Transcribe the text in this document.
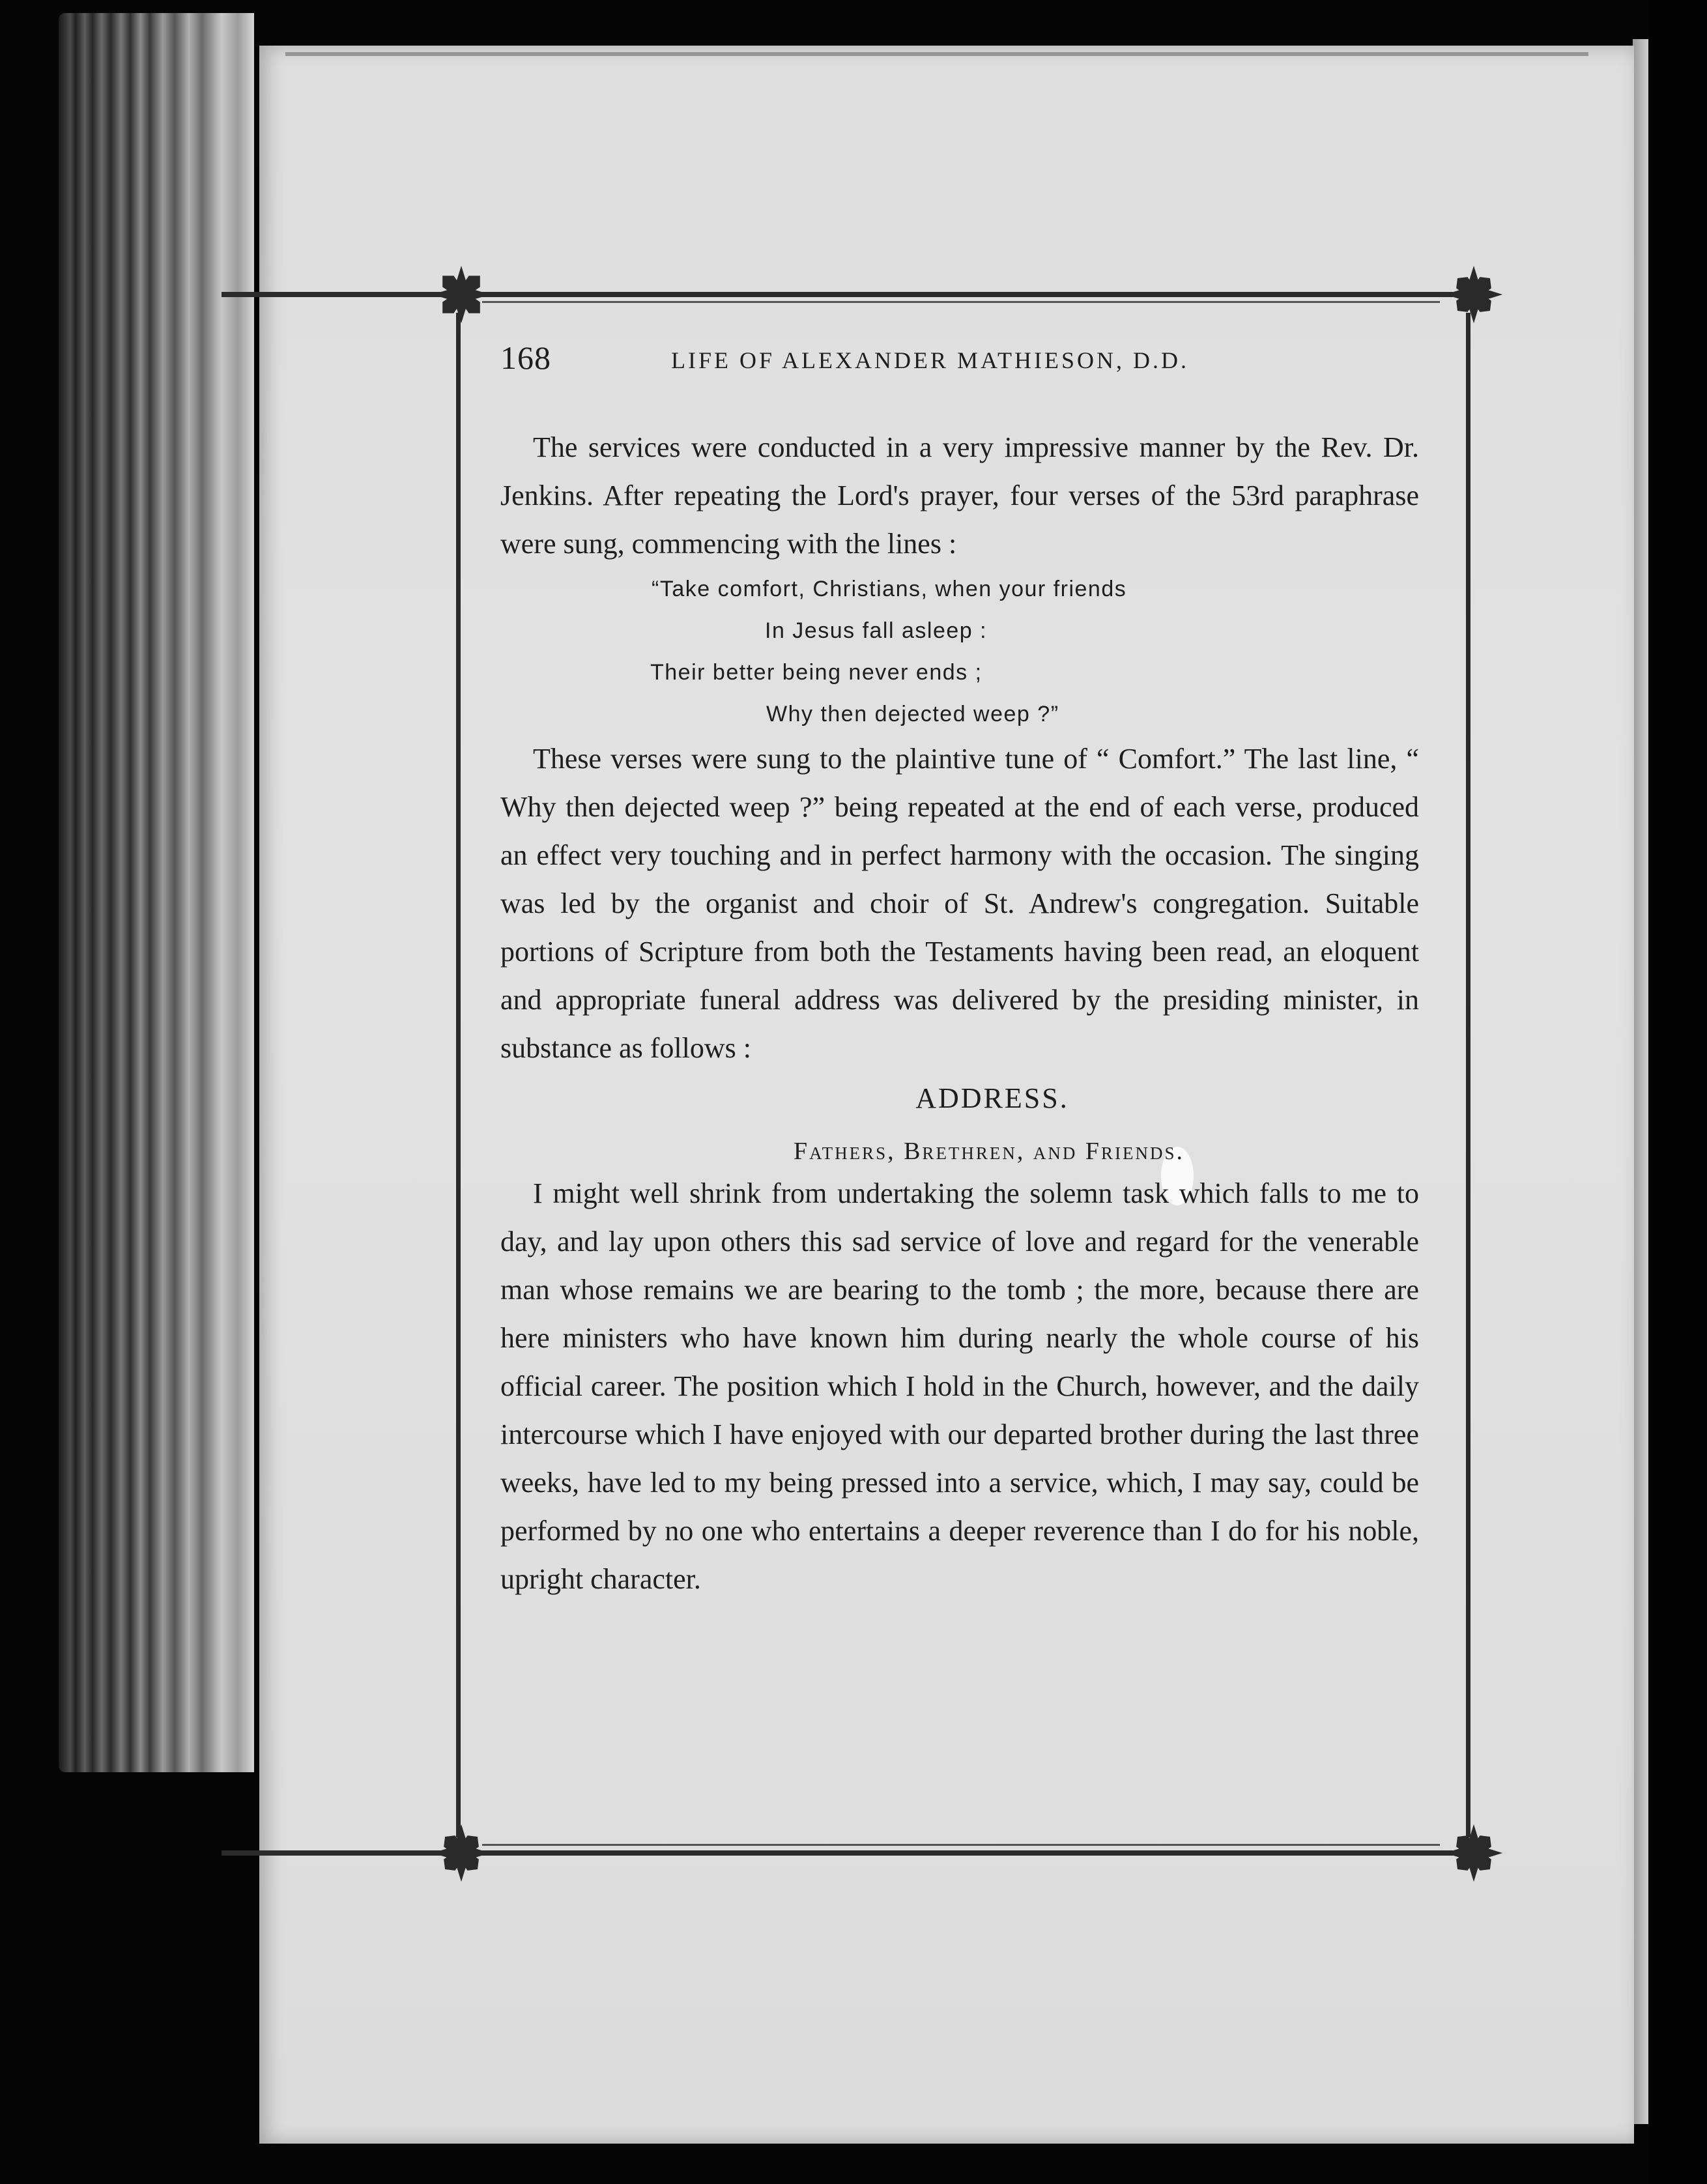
168	LIFE OF ALEXANDER MATHIESON, D.D.

The services were conducted in a very impressive manner by the Rev. Dr. Jenkins. After repeating the Lord's prayer, four verses of the 53rd paraphrase were sung, commencing with the lines :

“Take comfort, Christians, when your friends
In Jesus fall asleep :
Their better being never ends ;
Why then dejected weep ?”

These verses were sung to the plaintive tune of “ Comfort.” The last line, “ Why then dejected weep ?” being repeated at the end of each verse, produced an effect very touching and in perfect harmony with the occasion. The singing was led by the organist and choir of St. Andrew's congregation. Suitable portions of Scripture from both the Testaments having been read, an eloquent and appropriate funeral address was delivered by the presiding minister, in substance as follows :

ADDRESS.
Fathers, Brethren, and Friends.

I might well shrink from undertaking the solemn task which falls to me to day, and lay upon others this sad service of love and regard for the venerable man whose remains we are bearing to the tomb ; the more, because there are here ministers who have known him during nearly the whole course of his official career. The position which I hold in the Church, however, and the daily intercourse which I have enjoyed with our departed brother during the last three weeks, have led to my being pressed into a service, which, I may say, could be performed by no one who entertains a deeper reverence than I do for his noble, upright character.
